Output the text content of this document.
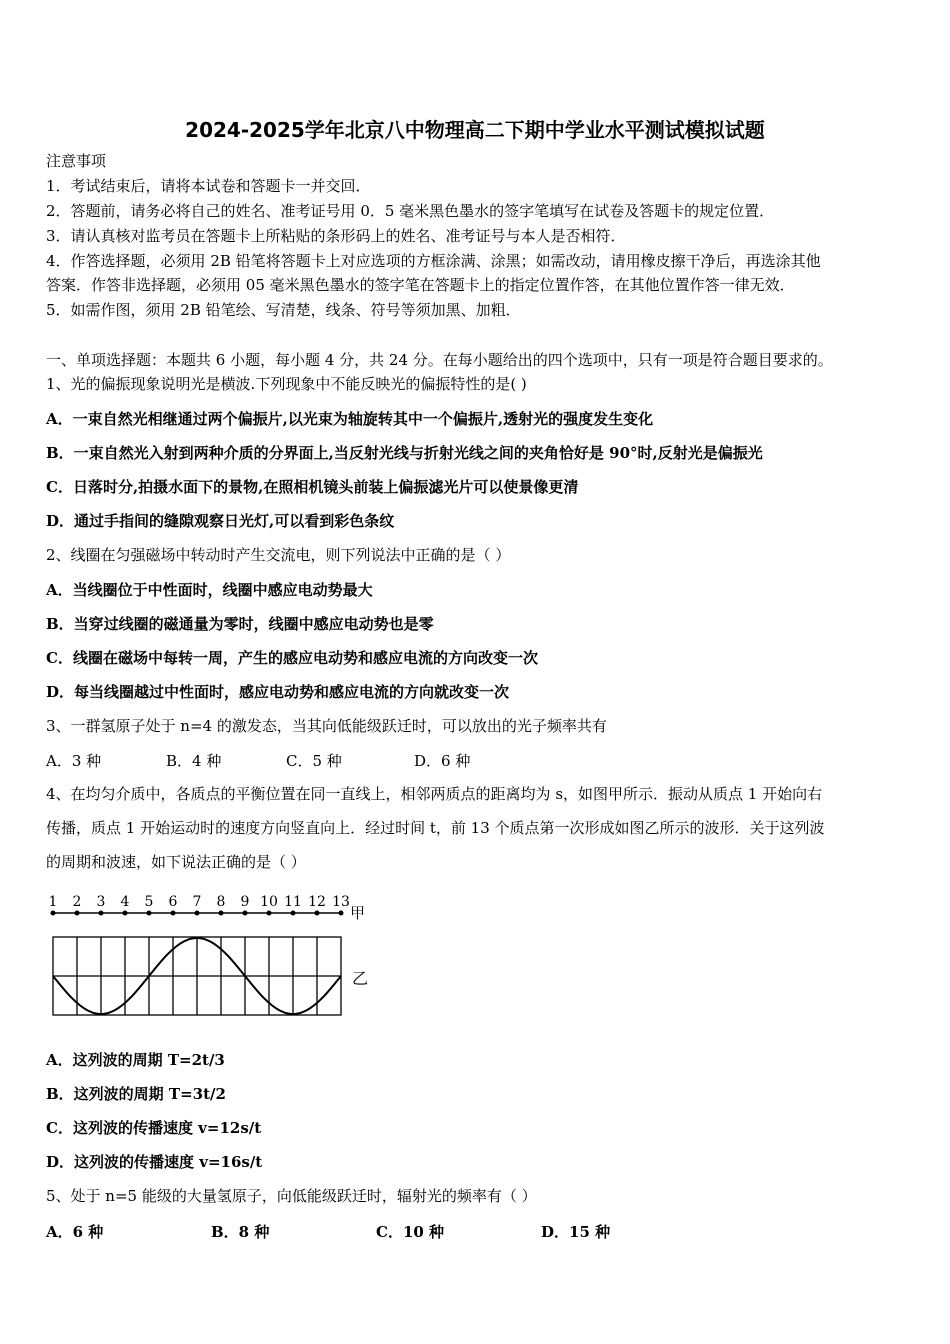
2024-2025学年北京八中物理高二下期中学业水平测试模拟试题
注意事项
1．考试结束后，请将本试卷和答题卡一并交回．
2．答题前，请务必将自己的姓名、准考证号用 0．5 毫米黑色墨水的签字笔填写在试卷及答题卡的规定位置．
3．请认真核对监考员在答题卡上所粘贴的条形码上的姓名、准考证号与本人是否相符．
4．作答选择题，必须用 2B 铅笔将答题卡上对应选项的方框涂满、涂黑；如需改动，请用橡皮擦干净后，再选涂其他
答案．作答非选择题，必须用 05 毫米黑色墨水的签字笔在答题卡上的指定位置作答，在其他位置作答一律无效．
5．如需作图，须用 2B 铅笔绘、写清楚，线条、符号等须加黑、加粗．
一、单项选择题：本题共 6 小题，每小题 4 分，共 24 分。在每小题给出的四个选项中，只有一项是符合题目要求的。
1、光的偏振现象说明光是横波.下列现象中不能反映光的偏振特性的是( )
A．一束自然光相继通过两个偏振片,以光束为轴旋转其中一个偏振片,透射光的强度发生变化
B．一束自然光入射到两种介质的分界面上,当反射光线与折射光线之间的夹角恰好是 90°时,反射光是偏振光
C．日落时分,拍摄水面下的景物,在照相机镜头前装上偏振滤光片可以使景像更清
D．通过手指间的缝隙观察日光灯,可以看到彩色条纹
2、线圈在匀强磁场中转动时产生交流电，则下列说法中正确的是（ ）
A．当线圈位于中性面时，线圈中感应电动势最大
B．当穿过线圈的磁通量为零时，线圈中感应电动势也是零
C．线圈在磁场中每转一周，产生的感应电动势和感应电流的方向改变一次
D．每当线圈越过中性面时，感应电动势和感应电流的方向就改变一次
3、一群氢原子处于 n=4 的激发态，当其向低能级跃迁时，可以放出的光子频率共有
A．3 种	B．4 种	C．5 种	D．6 种
4、在均匀介质中，各质点的平衡位置在同一直线上，相邻两质点的距离均为 s，如图甲所示．振动从质点 1 开始向右
传播，质点 1 开始运动时的速度方向竖直向上．经过时间 t，前 13 个质点第一次形成如图乙所示的波形．关于这列波
的周期和波速，如下说法正确的是（ ）
1 2 3 4 5 6 7 8 9 10 11 12 13
甲
乙
A．这列波的周期 T=2t/3
B．这列波的周期 T=3t/2
C．这列波的传播速度 v=12s/t
D．这列波的传播速度 v=16s/t
5、处于 n=5 能级的大量氢原子，向低能级跃迁时，辐射光的频率有（ ）
A．6 种	B．8 种	C．10 种	D．15 种
